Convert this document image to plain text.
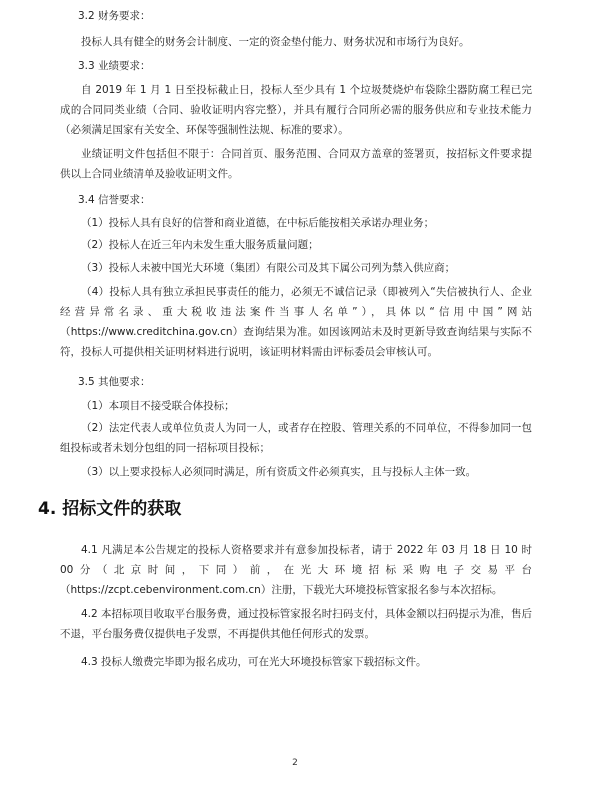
3.2 财务要求：

投标人具有健全的财务会计制度、一定的资金垫付能力、财务状况和市场行为良好。

3.3 业绩要求：

自 2019 年 1 月 1 日至投标截止日，投标人至少具有 1 个垃圾焚烧炉布袋除尘器防腐工程已完成的合同同类业绩（合同、验收证明内容完整），并具有履行合同所必需的服务供应和专业技术能力（必须满足国家有关安全、环保等强制性法规、标准的要求）。

业绩证明文件包括但不限于：合同首页、服务范围、合同双方盖章的签署页，按招标文件要求提供以上合同业绩清单及验收证明文件。

3.4 信誉要求：

（1）投标人具有良好的信誉和商业道德，在中标后能按相关承诺办理业务；

（2）投标人在近三年内未发生重大服务质量问题；

（3）投标人未被中国光大环境（集团）有限公司及其下属公司列为禁入供应商；

（4）投标人具有独立承担民事责任的能力，必须无不诚信记录（即被列入“失信被执行人、企业经营异常名录、重大税收违法案件当事人名单”），具体以“信用中国”网站（https://www.creditchina.gov.cn）查询结果为准。如因该网站未及时更新导致查询结果与实际不符，投标人可提供相关证明材料进行说明，该证明材料需由评标委员会审核认可。

3.5 其他要求：

（1）本项目不接受联合体投标；

（2）法定代表人或单位负责人为同一人，或者存在控股、管理关系的不同单位，不得参加同一包组投标或者未划分包组的同一招标项目投标；

（3）以上要求投标人必须同时满足，所有资质文件必须真实，且与投标人主体一致。

4. 招标文件的获取

4.1 凡满足本公告规定的投标人资格要求并有意参加投标者，请于 2022 年 03 月 18 日 10 时 00分（北京时间，下同）前，在光大环境招标采购电子交易平台（https://zcpt.cebenvironment.com.cn）注册，下载光大环境投标管家报名参与本次招标。

4.2 本招标项目收取平台服务费，通过投标管家报名时扫码支付，具体金额以扫码提示为准，售后不退，平台服务费仅提供电子发票，不再提供其他任何形式的发票。

4.3 投标人缴费完毕即为报名成功，可在光大环境投标管家下载招标文件。

2
